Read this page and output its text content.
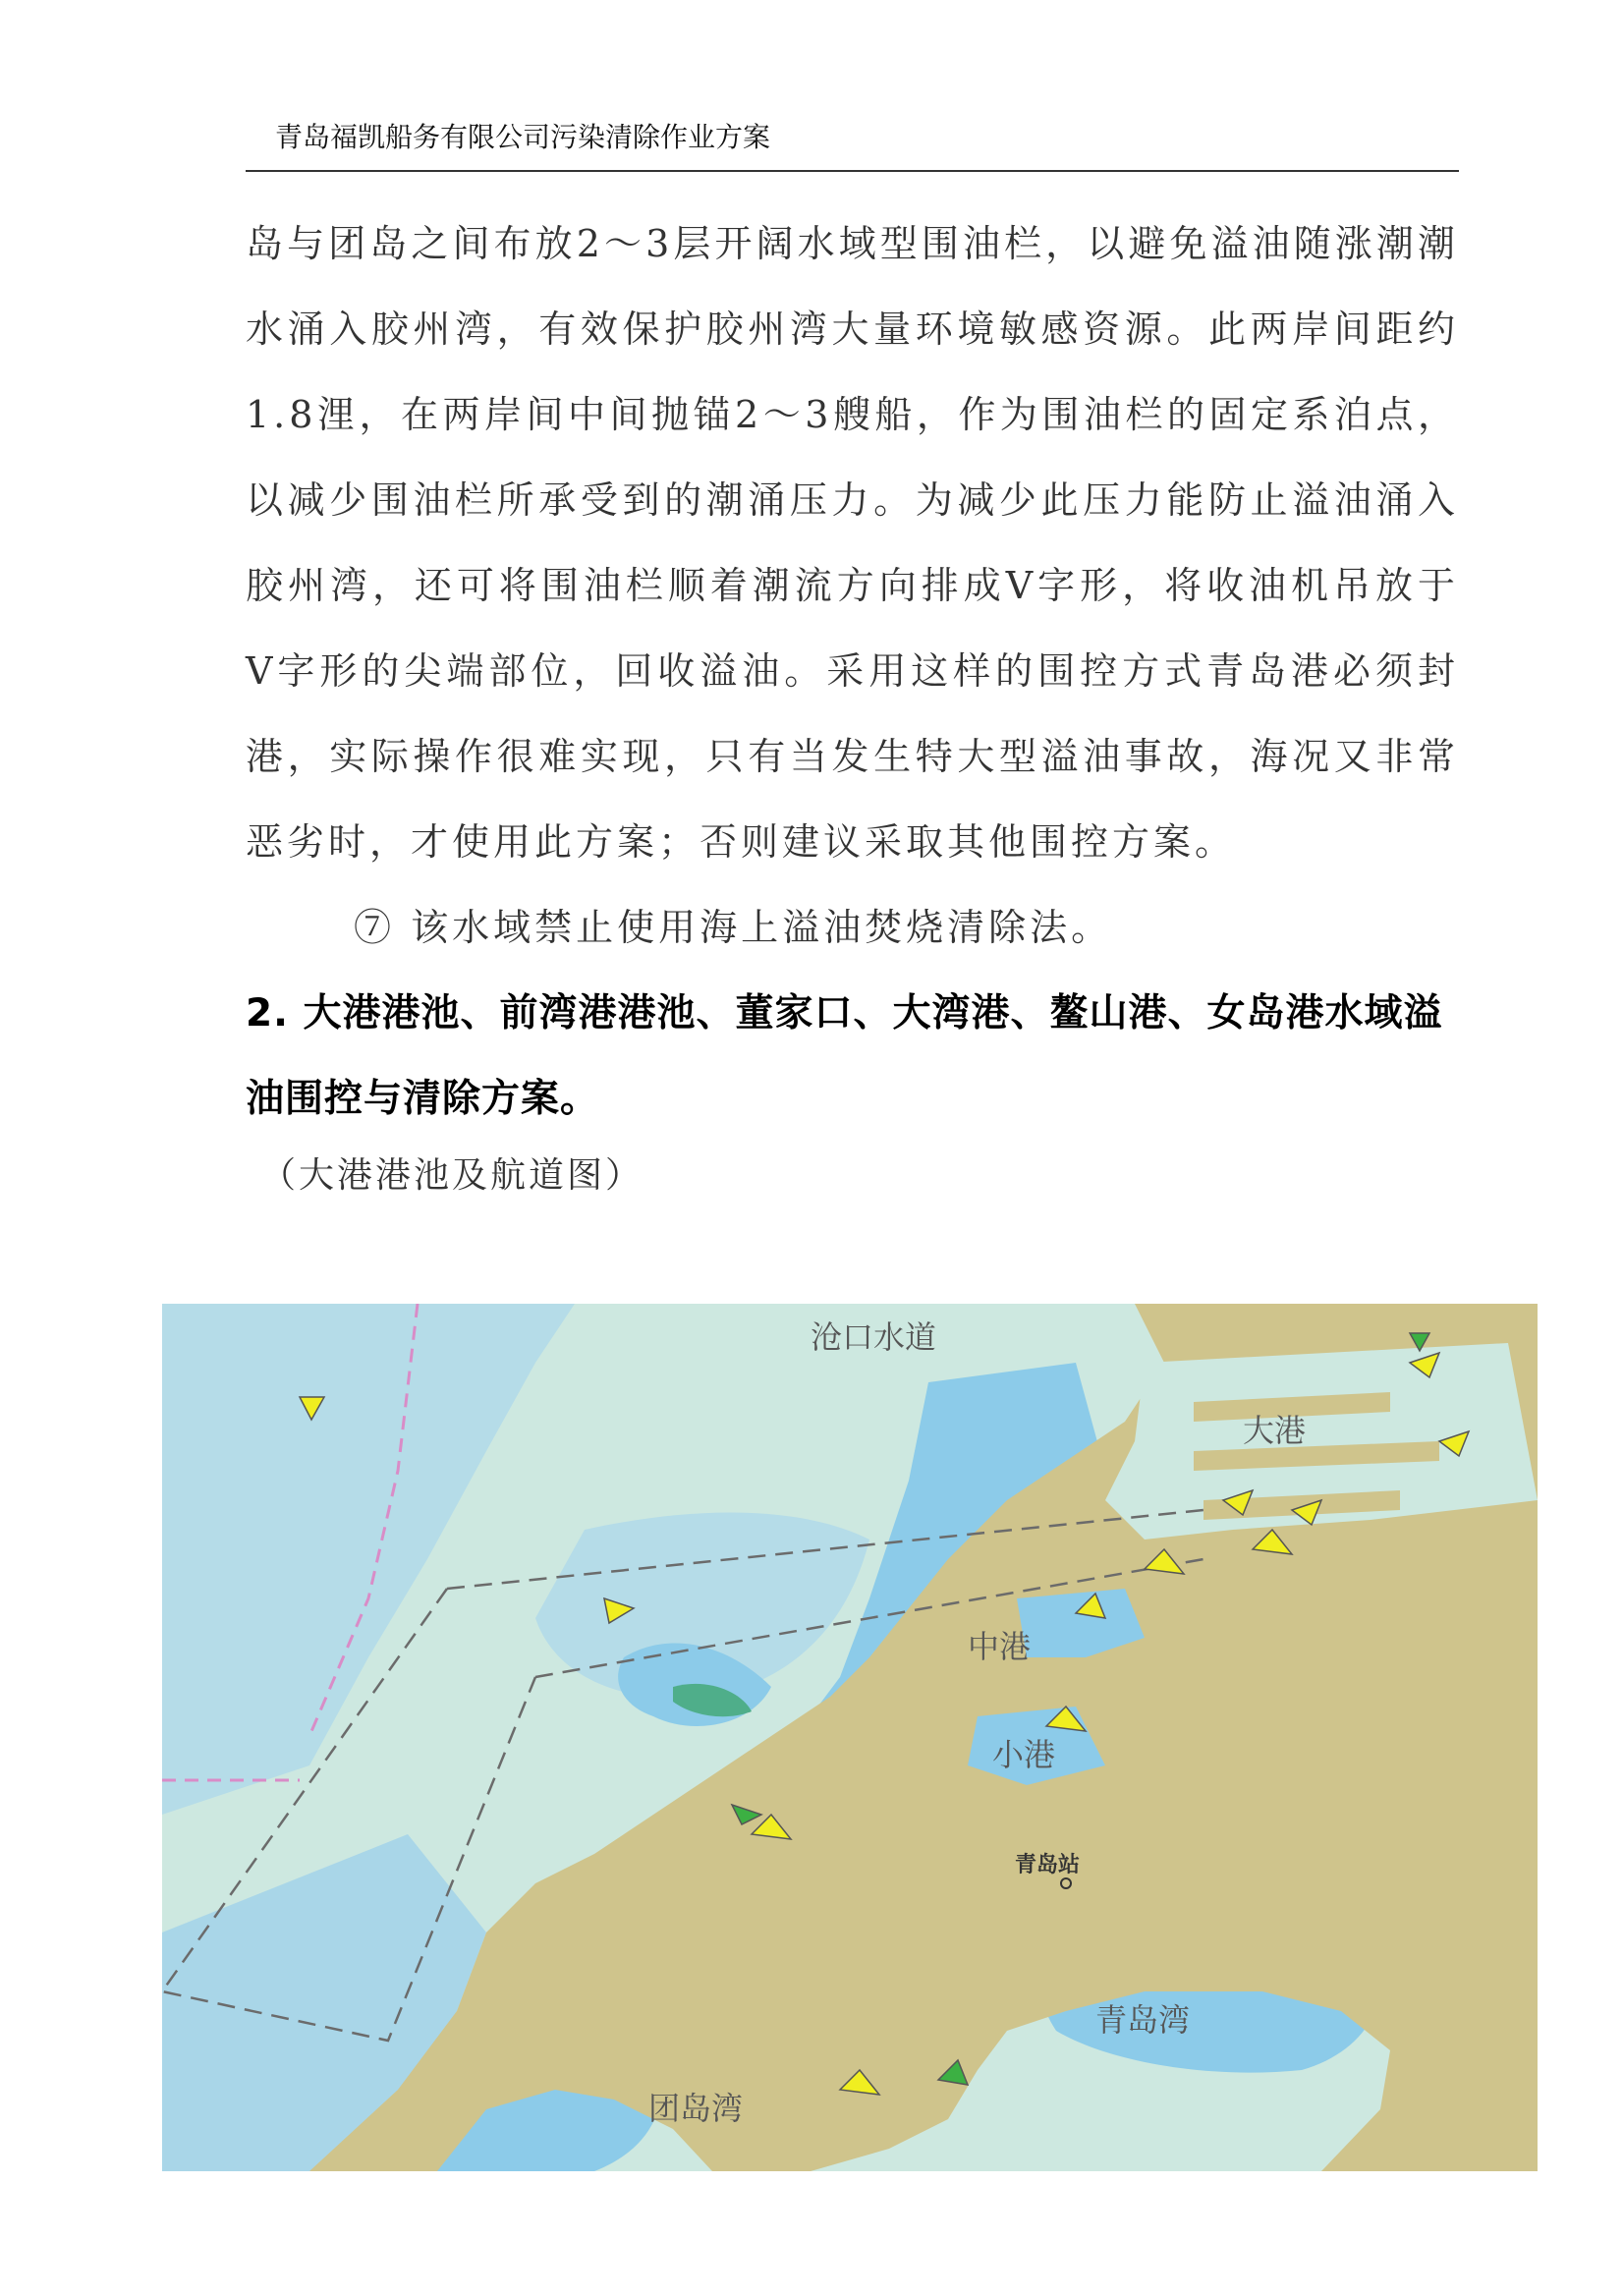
青岛福凯船务有限公司污染清除作业方案

岛与团岛之间布放2～3层开阔水域型围油栏，以避免溢油随涨潮潮水涌入胶州湾，有效保护胶州湾大量环境敏感资源。此两岸间距约1.8浬，在两岸间中间抛锚2～3艘船，作为围油栏的固定系泊点，以减少围油栏所承受到的潮涌压力。为减少此压力能防止溢油涌入胶州湾，还可将围油栏顺着潮流方向排成V字形，将收油机吊放于V字形的尖端部位，回收溢油。采用这样的围控方式青岛港必须封港，实际操作很难实现，只有当发生特大型溢油事故，海况又非常恶劣时，才使用此方案；否则建议采取其他围控方案。

⑦ 该水域禁止使用海上溢油焚烧清除法。

2. 大港港池、前湾港港池、董家口、大湾港、鳌山港、女岛港水域溢油围控与清除方案。

（大港港池及航道图）

沧口水道
大港
中港
小港
青岛湾
团岛湾
青岛站
